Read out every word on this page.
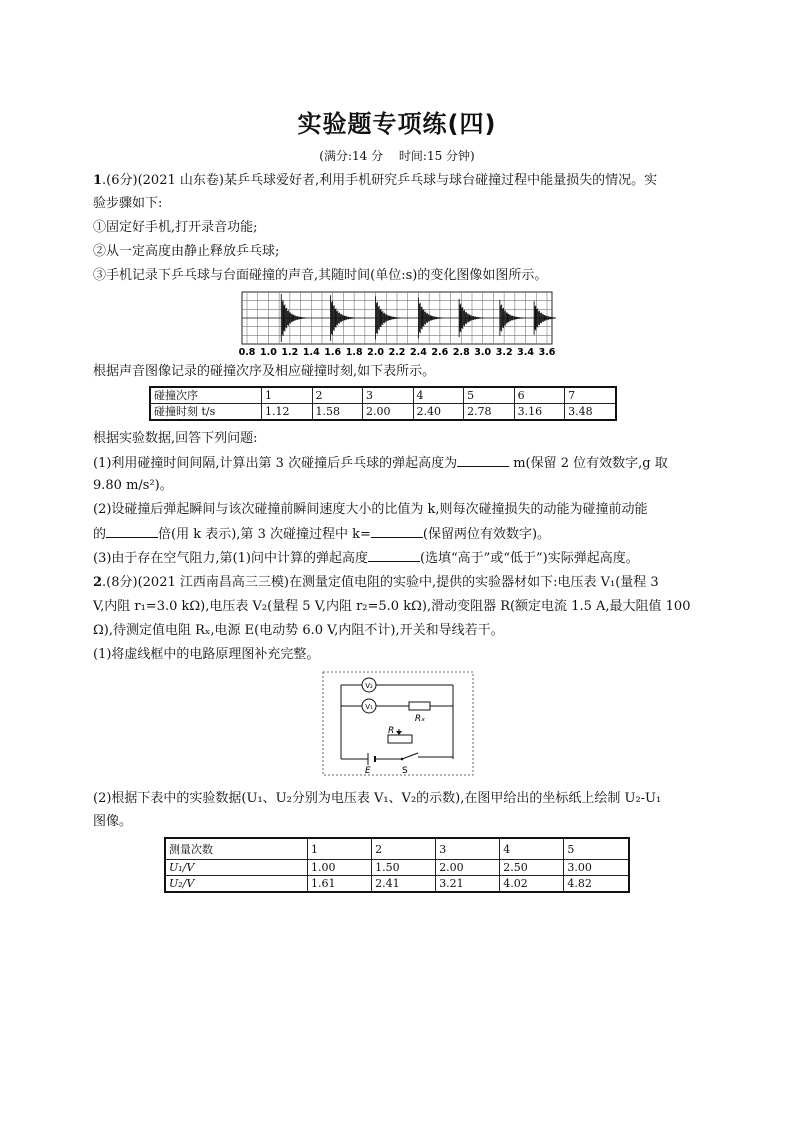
实验题专项练(四)
(满分:14 分　 时间:15 分钟)
1.(6分)(2021 山东卷)某乒乓球爱好者,利用手机研究乒乓球与球台碰撞过程中能量损失的情况。实
验步骤如下:
①固定好手机,打开录音功能;
②从一定高度由静止释放乒乓球;
③手机记录下乒乓球与台面碰撞的声音,其随时间(单位:s)的变化图像如图所示。
0.8 1.0 1.2 1.4 1.6 1.8 2.0 2.2 2.4 2.6 2.8 3.0 3.2 3.4 3.6
根据声音图像记录的碰撞次序及相应碰撞时刻,如下表所示。
碰撞次序	1	2	3	4	5	6	7
碰撞时刻 t/s	1.12	1.58	2.00	2.40	2.78	3.16	3.48
根据实验数据,回答下列问题:
(1)利用碰撞时间间隔,计算出第 3 次碰撞后乒乓球的弹起高度为	m(保留 2 位有效数字,g 取
9.80 m/s²)。
(2)设碰撞后弹起瞬间与该次碰撞前瞬间速度大小的比值为 k,则每次碰撞损失的动能为碰撞前动能
的	倍(用 k 表示),第 3 次碰撞过程中 k=	(保留两位有效数字)。
(3)由于存在空气阻力,第(1)问中计算的弹起高度	(选填“高于”或“低于”)实际弹起高度。
2.(8分)(2021 江西南昌高三三模)在测量定值电阻的实验中,提供的实验器材如下:电压表 V₁(量程 3
V,内阻 r₁=3.0 kΩ),电压表 V₂(量程 5 V,内阻 r₂=5.0 kΩ),滑动变阻器 R(额定电流 1.5 A,最大阻值 100
Ω),待测定值电阻 Rₓ,电源 E(电动势 6.0 V,内阻不计),开关和导线若干。
(1)将虚线框中的电路原理图补充完整。
V₂
V₁
Rₓ
R
E	S
(2)根据下表中的实验数据(U₁、U₂分别为电压表 V₁、V₂的示数),在图甲给出的坐标纸上绘制 U₂-U₁
图像。
测量次数	1	2	3	4	5
U₁/V	1.00	1.50	2.00	2.50	3.00
U₂/V	1.61	2.41	3.21	4.02	4.82
